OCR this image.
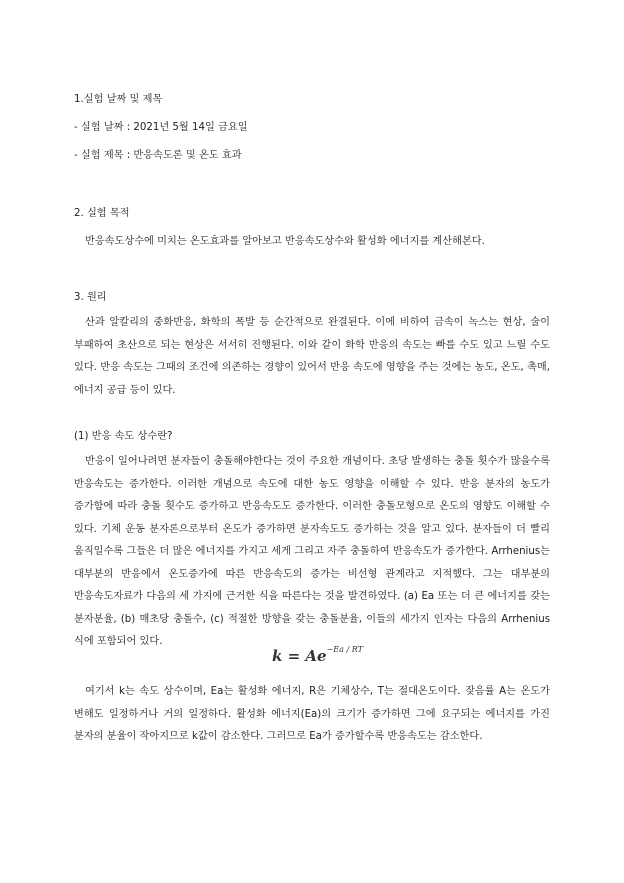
1.실험 날짜 및 제목
- 실험 날짜 : 2021년 5월 14일 금요일
- 실험 제목 : 반응속도론 및 온도 효과
2. 실험 목적
반응속도상수에 미치는 온도효과를 알아보고 반응속도상수와 활성화 에너지를 계산해본다.
3. 원리

산과 알칼리의 중화반응, 화학의 폭발 등 순간적으로 완결된다. 이에 비하여 금속이 녹스는 현상, 술이 부패하여 초산으로 되는 현상은 서서히 진행된다. 이와 같이 화학 반응의 속도는 빠를 수도 있고 느릴 수도 있다. 반응 속도는 그때의 조건에 의존하는 경향이 있어서 반응 속도에 영향을 주는 것에는 농도, 온도, 촉매, 에너지 공급 등이 있다.

(1) 반응 속도 상수란?

반응이 일어나려면 분자들이 충돌해야한다는 것이 주요한 개념이다. 초당 발생하는 충돌 횟수가 많을수록 반응속도는 증가한다. 이러한 개념으로 속도에 대한 농도 영향을 이해할 수 있다. 반응 분자의 농도가 증가함에 따라 충돌 횟수도 증가하고 반응속도도 증가한다. 이러한 충돌모형으로 온도의 영향도 이해할 수 있다. 기체 운동 분자론으로부터 온도가 증가하면 분자속도도 증가하는 것을 알고 있다. 분자들이 더 빨리 움직일수록 그들은 더 많은 에너지를 가지고 세게 그리고 자주 충돌하여 반응속도가 증가한다. Arrhenius는 대부분의 반응에서 온도증가에 따른 반응속도의 증가는 비선형 관계라고 지적했다. 그는 대부분의 반응속도자료가 다음의 세 가지에 근거한 식을 따른다는 것을 발견하였다. (a) Ea 또는 더 큰 에너지를 갖는 분자분율, (b) 매초당 충돌수, (c) 적절한 방향을 갖는 충돌분율, 이들의 세가지 인자는 다음의 Arrhenius 식에 포함되어 있다.

$k = Ae^{-Ea / RT}$

여기서 k는 속도 상수이며, Ea는 활성화 에너지, R은 기체상수, T는 절대온도이다. 잦음률 A는 온도가 변해도 일정하거나 거의 일정하다. 활성화 에너지(Ea)의 크기가 증가하면 그에 요구되는 에너지를 가진 분자의 분율이 작아지므로 k값이 감소한다. 그러므로 Ea가 증가할수록 반응속도는 감소한다.
